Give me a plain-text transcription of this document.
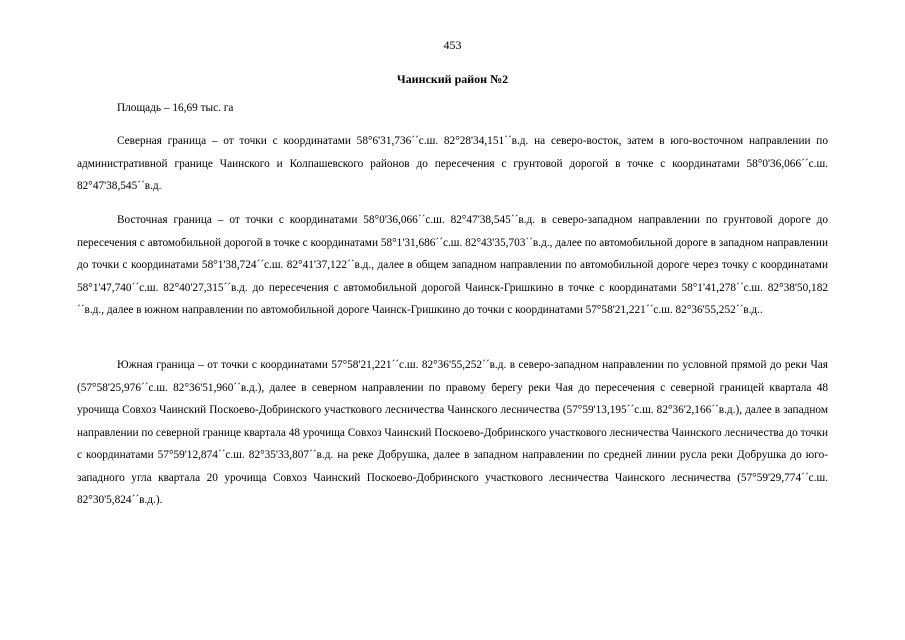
453
Чаинский район №2

Площадь – 16,69 тыс. га

Северная граница – от точки с координатами 58°6'31,736´´с.ш. 82°28'34,151´´в.д. на северо-восток, затем в юго-восточном направлении по административной границе Чаинского и Колпашевского районов до пересечения с грунтовой дорогой в точке с координатами 58°0'36,066´´с.ш. 82°47'38,545´´в.д.

Восточная граница – от точки с координатами 58°0'36,066´´с.ш. 82°47'38,545´´в.д. в северо-западном направлении по грунтовой дороге до пересечения с автомобильной дорогой в точке с координатами 58°1'31,686´´с.ш. 82°43'35,703´´в.д., далее по автомобильной дороге в западном направлении до точки с координатами 58°1'38,724´´с.ш. 82°41'37,122´´в.д., далее в общем западном направлении по автомобильной дороге через точку с координатами 58°1'47,740´´с.ш. 82°40'27,315´´в.д. до пересечения с автомобильной дорогой Чаинск-Гришкино в точке с координатами 58°1'41,278´´с.ш. 82°38'50,182´´в.д., далее в южном направлении по автомобильной дороге Чаинск-Гришкино до точки с координатами 57°58'21,221´´с.ш. 82°36'55,252´´в.д..

Южная граница – от точки с координатами 57°58'21,221´´с.ш. 82°36'55,252´´в.д. в северо-западном направлении по условной прямой до реки Чая (57°58'25,976´´с.ш. 82°36'51,960´´в.д.), далее в северном направлении по правому берегу реки Чая до пересечения с северной границей квартала 48 урочища Совхоз Чаинский Поскоево-Добринского участкового лесничества Чаинского лесничества (57°59'13,195´´с.ш. 82°36'2,166´´в.д.), далее в западном направлении по северной границе квартала 48 урочища Совхоз Чаинский Поскоево-Добринского участкового лесничества Чаинского лесничества до точки с координатами 57°59'12,874´´с.ш. 82°35'33,807´´в.д. на реке Добрушка, далее в западном направлении по средней линии русла реки Добрушка до юго-западного угла квартала 20 урочища Совхоз Чаинский Поскоево-Добринского участкового лесничества Чаинского лесничества (57°59'29,774´´с.ш. 82°30'5,824´´в.д.).
